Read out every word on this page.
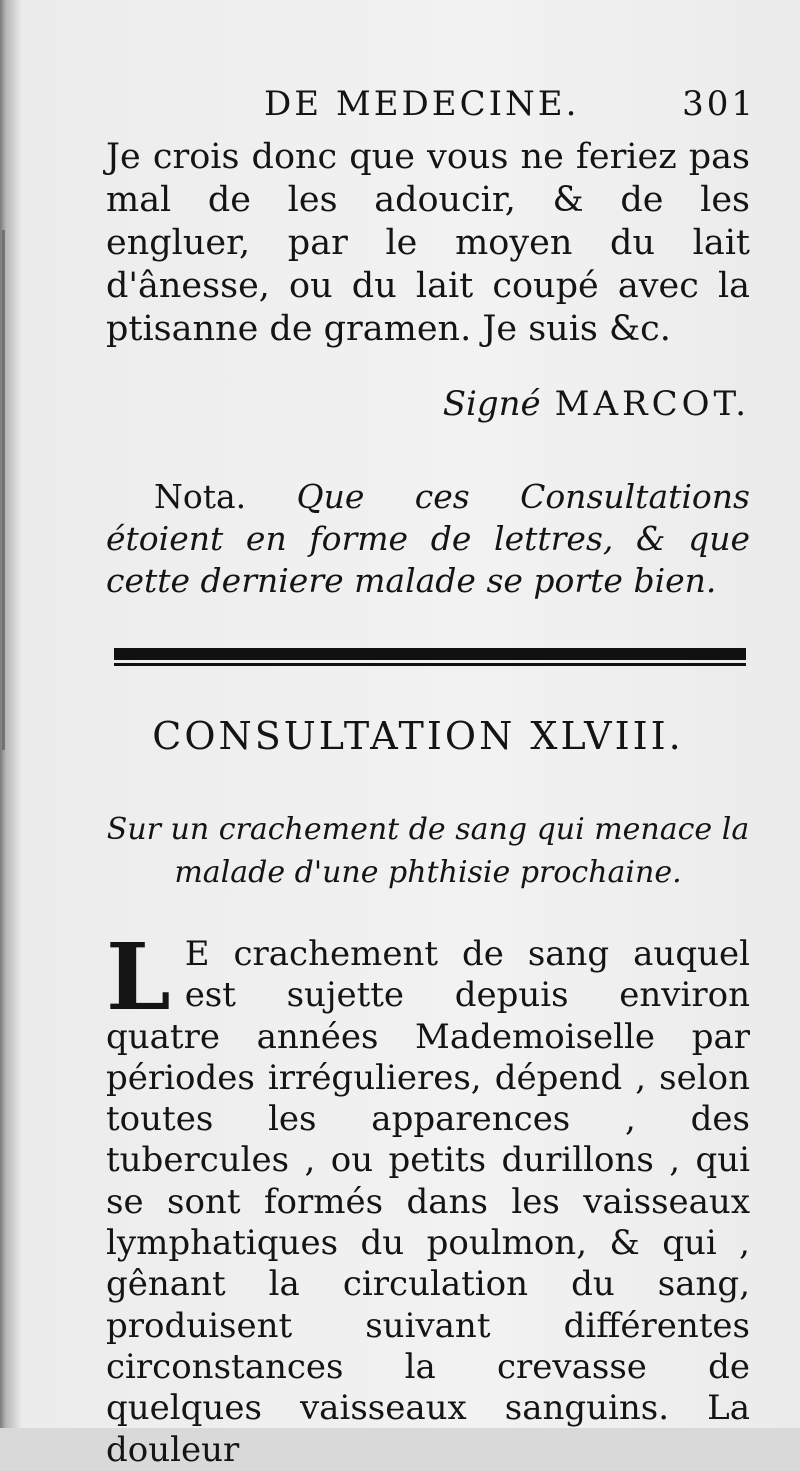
DE MEDECINE.	301
Je crois donc que vous ne feriez pas mal de les adoucir, & de les engluer, par le moyen du lait d'ânesse, ou du lait coupé avec la ptisanne de gramen. Je suis &c.
Signé MARCOT.
Nota. Que ces Consultations étoient en forme de lettres, & que cette derniere malade se porte bien.
CONSULTATION XLVIII.
Sur un crachement de sang qui menace la malade d'une phthisie prochaine.
L E crachement de sang auquel est sujette depuis environ quatre années Mademoiselle par périodes irrégulieres, dépend , selon toutes les apparences , des tubercules , ou petits durillons , qui se sont formés dans les vaisseaux lymphatiques du poulmon, & qui , gênant la circulation du sang, produisent suivant différentes circonstances la crevasse de quelques vaisseaux sanguins. La douleur
